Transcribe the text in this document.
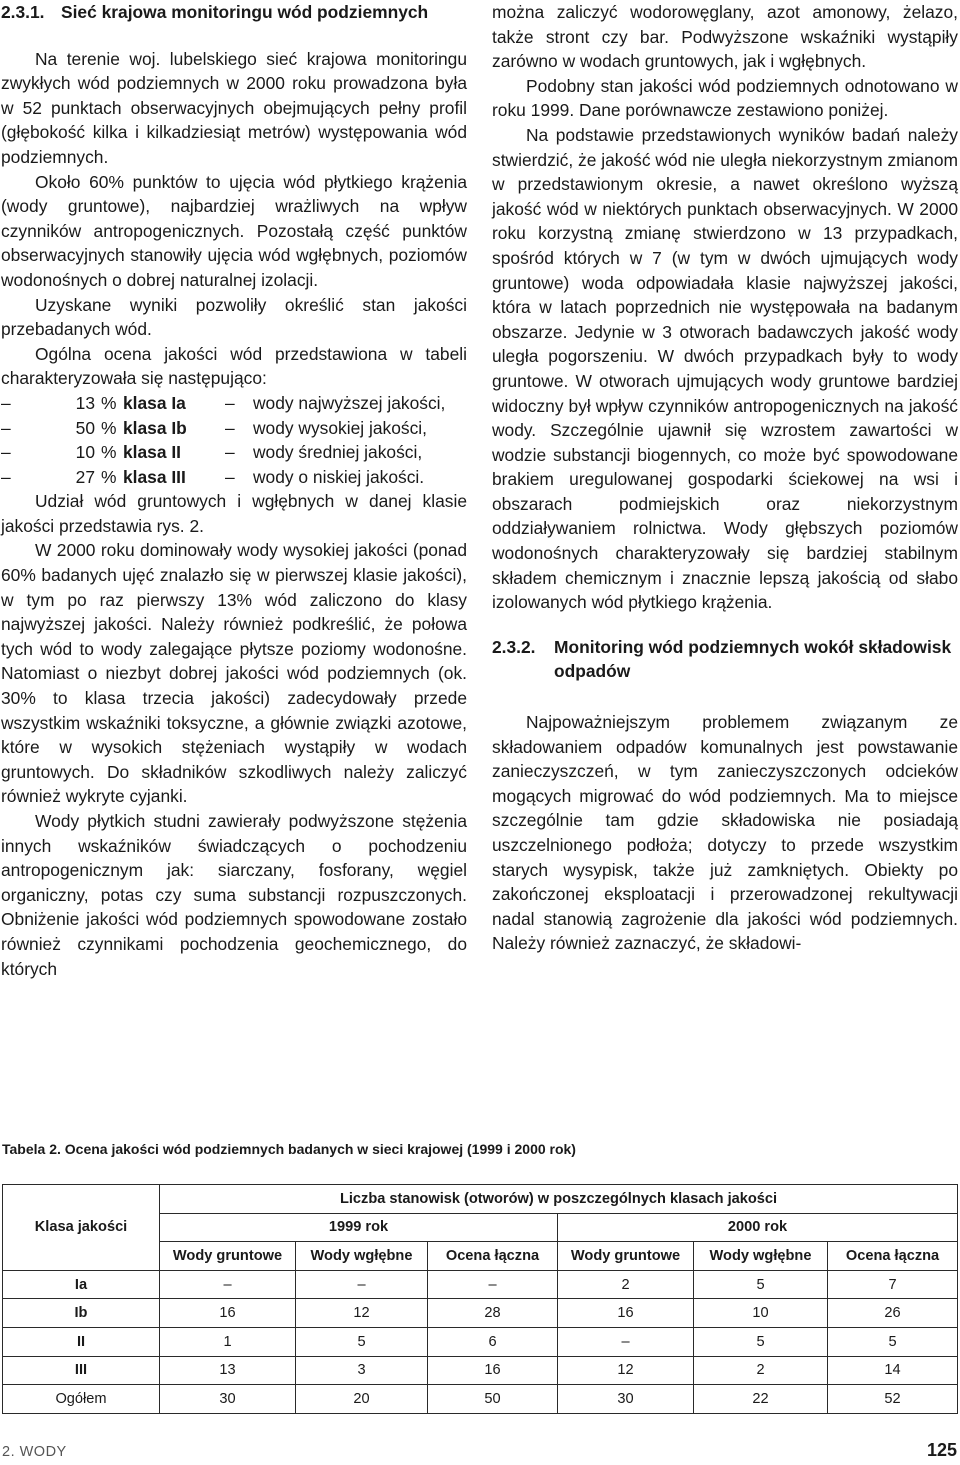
2.3.1. Sieć krajowa monitoringu wód podziemnych

Na terenie woj. lubelskiego sieć krajowa monitoringu zwykłych wód podziemnych w 2000 roku prowadzona była w 52 punktach obserwacyjnych obejmujących pełny profil (głębokość kilka i kilkadziesiąt metrów) występowania wód podziemnych.

Około 60% punktów to ujęcia wód płytkiego krążenia (wody gruntowe), najbardziej wrażliwych na wpływ czynników antropogenicznych. Pozostałą część punktów obserwacyjnych stanowiły ujęcia wód wgłębnych, poziomów wodonośnych o dobrej naturalnej izolacji.

Uzyskane wyniki pozwoliły określić stan jakości przebadanych wód.

Ogólna ocena jakości wód przedstawiona w tabeli charakteryzowała się następująco:

–	13 % klasa Ia	–	wody najwyższej jakości,
–	50 % klasa Ib	–	wody wysokiej jakości,
–	10 % klasa II	–	wody średniej jakości,
–	27 % klasa III	–	wody o niskiej jakości.

Udział wód gruntowych i wgłębnych w danej klasie jakości przedstawia rys. 2.

W 2000 roku dominowały wody wysokiej jakości (ponad 60% badanych ujęć znalazło się w pierwszej klasie jakości), w tym po raz pierwszy 13% wód zaliczono do klasy najwyższej jakości. Należy również podkreślić, że połowa tych wód to wody zalegające płytsze poziomy wodonośne. Natomiast o niezbyt dobrej jakości wód podziemnych (ok. 30% to klasa trzecia jakości) zadecydowały przede wszystkim wskaźniki toksyczne, a głównie związki azotowe, które w wysokich stężeniach wystąpiły w wodach gruntowych. Do składników szkodliwych należy zaliczyć również wykryte cyjanki.

Wody płytkich studni zawierały podwyższone stężenia innych wskaźników świadczących o pochodzeniu antropogenicznym jak: siarczany, fosforany, węgiel organiczny, potas czy suma substancji rozpuszczonych. Obniżenie jakości wód podziemnych spowodowane zostało również czynnikami pochodzenia geochemicznego, do których

można zaliczyć wodorowęglany, azot amonowy, żelazo, także stront czy bar. Podwyższone wskaźniki wystąpiły zarówno w wodach gruntowych, jak i wgłębnych.

Podobny stan jakości wód podziemnych odnotowano w roku 1999. Dane porównawcze zestawiono poniżej.

Na podstawie przedstawionych wyników badań należy stwierdzić, że jakość wód nie uległa niekorzystnym zmianom w przedstawionym okresie, a nawet określono wyższą jakość wód w niektórych punktach obserwacyjnych. W 2000 roku korzystną zmianę stwierdzono w 13 przypadkach, spośród których w 7 (w tym w dwóch ujmujących wody gruntowe) woda odpowiadała klasie najwyższej jakości, która w latach poprzednich nie występowała na badanym obszarze. Jedynie w 3 otworach badawczych jakość wody uległa pogorszeniu. W dwóch przypadkach były to wody gruntowe. W otworach ujmujących wody gruntowe bardziej widoczny był wpływ czynników antropogenicznych na jakość wody. Szczególnie ujawnił się wzrostem zawartości w wodzie substancji biogennych, co może być spowodowane brakiem uregulowanej gospodarki ściekowej na wsi i obszarach podmiejskich oraz niekorzystnym oddziaływaniem rolnictwa. Wody głębszych poziomów wodonośnych charakteryzowały się bardziej stabilnym składem chemicznym i znacznie lepszą jakością od słabo izolowanych wód płytkiego krążenia.

2.3.2.	Monitoring wód podziemnych wokół składowisk odpadów

Najpoważniejszym problemem związanym ze składowaniem odpadów komunalnych jest powstawanie zanieczyszczeń, w tym zanieczyszczonych odcieków mogących migrować do wód podziemnych. Ma to miejsce szczególnie tam gdzie składowiska nie posiadają uszczelnionego podłoża; dotyczy to przede wszystkim starych wysypisk, także już zamkniętych. Obiekty po zakończonej eksploatacji i przerowadzonej rekultywacji nadal stanowią zagrożenie dla jakości wód podziemnych. Należy również zaznaczyć, że składowi-

Tabela 2. Ocena jakości wód podziemnych badanych w sieci krajowej (1999 i 2000 rok)
Klasa jakości	Liczba stanowisk (otworów) w poszczególnych klasach jakości					
	1999 rok			2000 rok		
	Wody gruntowe	Wody wgłębne	Ocena łączna	Wody gruntowe	Wody wgłębne	Ocena łączna
Ia	–	–	–	2	5	7
Ib	16	12	28	16	10	26
II	1	5	6	–	5	5
III	13	3	16	12	2	14
Ogółem	30	20	50	30	22	52
2. WODY	125
